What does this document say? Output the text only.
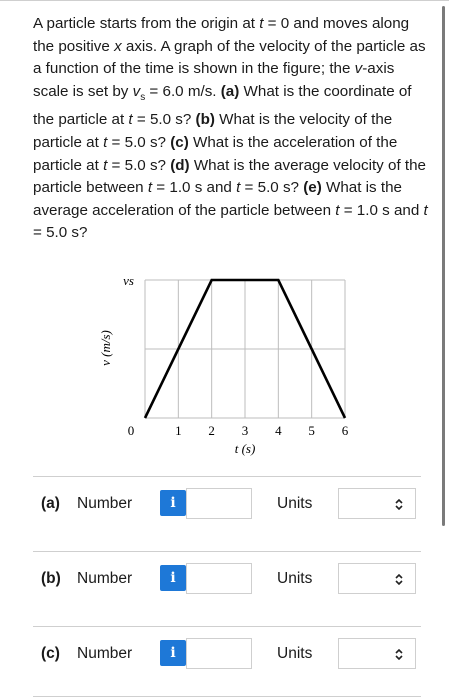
A particle starts from the origin at t = 0 and moves along the positive x axis. A graph of the velocity of the particle as a function of the time is shown in the figure; the v-axis scale is set by $v_s = 6.0$ m/s. (a) What is the coordinate of the particle at t = 5.0 s? (b) What is the velocity of the particle at t = 5.0 s? (c) What is the acceleration of the particle at t = 5.0 s? (d) What is the average velocity of the particle between t = 1.0 s and t = 5.0 s? (e) What is the average acceleration of the particle between t = 1.0 s and t = 5.0 s?
vs
v (m/s)
0	1 2 3 4 5 6
t (s)
(a) Number	i	Units
(b) Number	i	Units
(c) Number	i	Units
